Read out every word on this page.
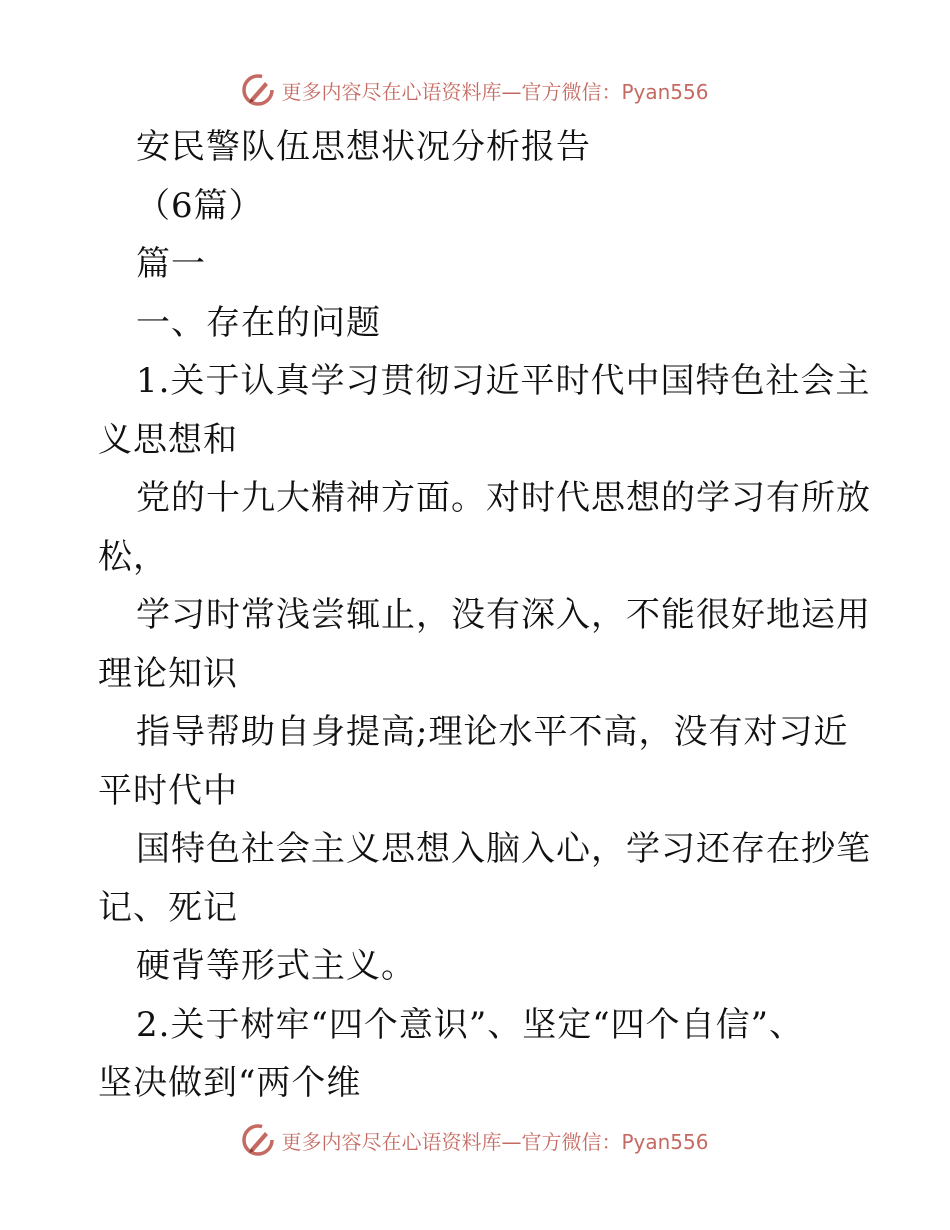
更多内容尽在心语资料库—官方微信：Pyan556
安民警队伍思想状况分析报告
（6篇）
篇一
一、存在的问题
1.关于认真学习贯彻习近平时代中国特色社会主
义思想和
党的十九大精神方面。对时代思想的学习有所放
松，
学习时常浅尝辄止，没有深入，不能很好地运用
理论知识
指导帮助自身提高;理论水平不高，没有对习近
平时代中
国特色社会主义思想入脑入心，学习还存在抄笔
记、死记
硬背等形式主义。
2.关于树牢“四个意识”、坚定“四个自信”、
坚决做到“两个维
更多内容尽在心语资料库—官方微信：Pyan556
